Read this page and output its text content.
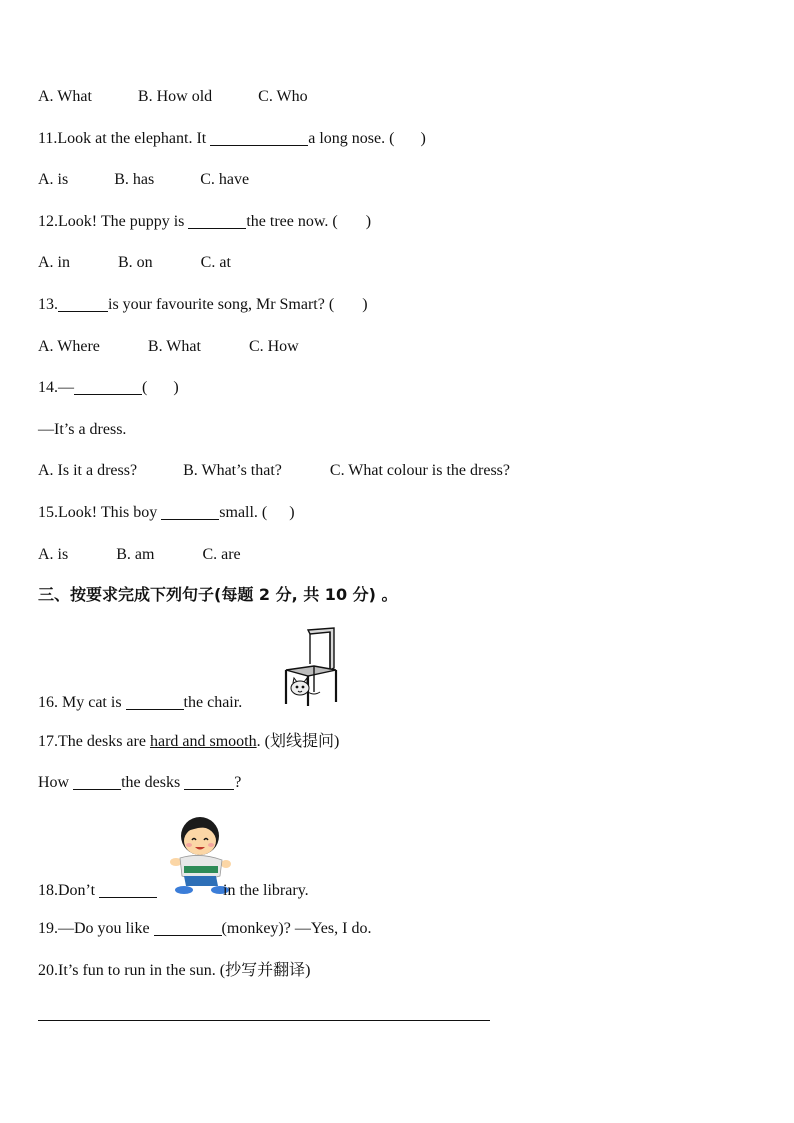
A. What	B. How old	C. Who
11.Look at the elephant. It	a long nose. ( )
A. is	B. has	C. have
12.Look! The puppy is	the tree now. ( )
A. in	B. on	C. at
13.	is your favourite song, Mr Smart? ( )
A. Where	B. What	C. How
14.—	( )
—It’s a dress.
A. Is it a dress?	B. What’s that?	C. What colour is the dress?
15.Look! This boy	small. ( )
A. is	B. am	C. are
三、按要求完成下列句子(每题 2 分, 共 10 分) 。
16. My cat is	the chair.
17.The desks are hard and smooth. (划线提问)
How	the desks	?
18.Don’t	in the library.
19.—Do you like	(monkey)? —Yes, I do.
20.It’s fun to run in the sun. (抄写并翻译)
